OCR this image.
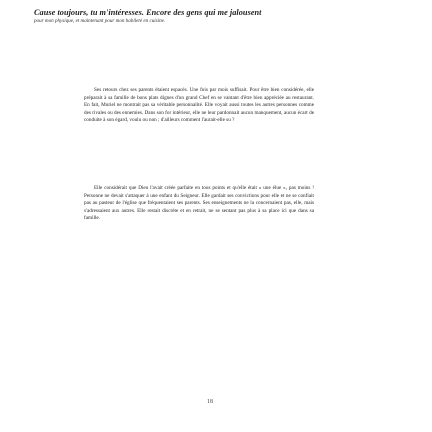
Cause toujours, tu m'intéresses. Encore des gens qui me jalousent
pour mon physique, et maintenant pour mon habileté en cuisine.

Ses retours chez ses parents étaient espacés. Une fois par mois suffisait. Pour être bien considérée, elle préparait à sa famille de bons plats dignes d'un grand Chef en se vantant d'être bien appréciée au restaurant. En fait, Muriel ne montrait pas sa véritable personnalité. Elle voyait aussi toutes les autres personnes comme des rivales ou des ennemies. Dans son for intérieur, elle ne leur pardonnait aucun manquement, aucun écart de conduite à son égard, voulu ou non ; d'ailleurs comment l'aurait-elle su ?

Elle considérait que Dieu l'avait créée parfaite en tous points et qu'elle était « une élue », pas moins ! Personne ne devait s'attaquer à une enfant du Seigneur. Elle gardait ses convictions pour elle et ne se confiait pas au pasteur de l'église que fréquentaient ses parents. Ses enseignements ne la concernaient pas, elle, mais s'adressaient aux autres. Elle restait discrète et en retrait, ne se sentant pas plus à sa place ici que dans sa famille.

18
